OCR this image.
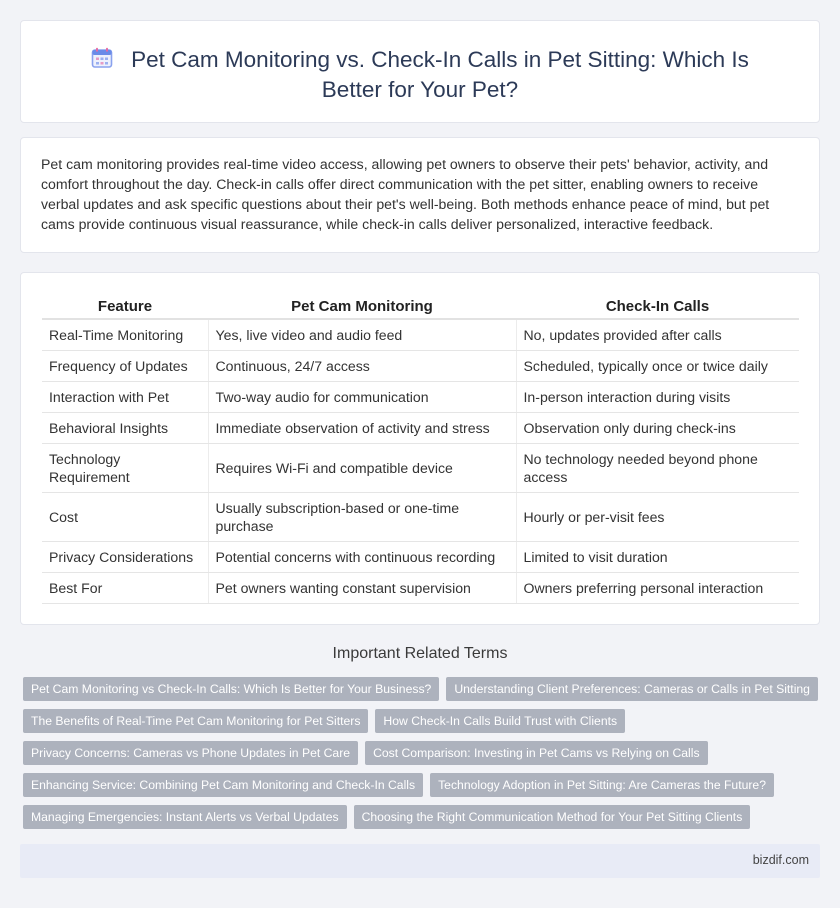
Pet Cam Monitoring vs. Check-In Calls in Pet Sitting: Which Is Better for Your Pet?

Pet cam monitoring provides real-time video access, allowing pet owners to observe their pets' behavior, activity, and comfort throughout the day. Check-in calls offer direct communication with the pet sitter, enabling owners to receive verbal updates and ask specific questions about their pet's well-being. Both methods enhance peace of mind, but pet cams provide continuous visual reassurance, while check-in calls deliver personalized, interactive feedback.

Feature	Pet Cam Monitoring	Check-In Calls
Real-Time Monitoring	Yes, live video and audio feed	No, updates provided after calls
Frequency of Updates	Continuous, 24/7 access	Scheduled, typically once or twice daily
Interaction with Pet	Two-way audio for communication	In-person interaction during visits
Behavioral Insights	Immediate observation of activity and stress	Observation only during check-ins
Technology Requirement	Requires Wi-Fi and compatible device	No technology needed beyond phone access
Cost	Usually subscription-based or one-time purchase	Hourly or per-visit fees
Privacy Considerations	Potential concerns with continuous recording	Limited to visit duration
Best For	Pet owners wanting constant supervision	Owners preferring personal interaction
Important Related Terms
Pet Cam Monitoring vs Check-In Calls: Which Is Better for Your Business? Understanding Client Preferences: Cameras or Calls in Pet Sitting
The Benefits of Real-Time Pet Cam Monitoring for Pet Sitters How Check-In Calls Build Trust with Clients
Privacy Concerns: Cameras vs Phone Updates in Pet Care Cost Comparison: Investing in Pet Cams vs Relying on Calls
Enhancing Service: Combining Pet Cam Monitoring and Check-In Calls Technology Adoption in Pet Sitting: Are Cameras the Future?
Managing Emergencies: Instant Alerts vs Verbal Updates Choosing the Right Communication Method for Your Pet Sitting Clients
bizdif.com
